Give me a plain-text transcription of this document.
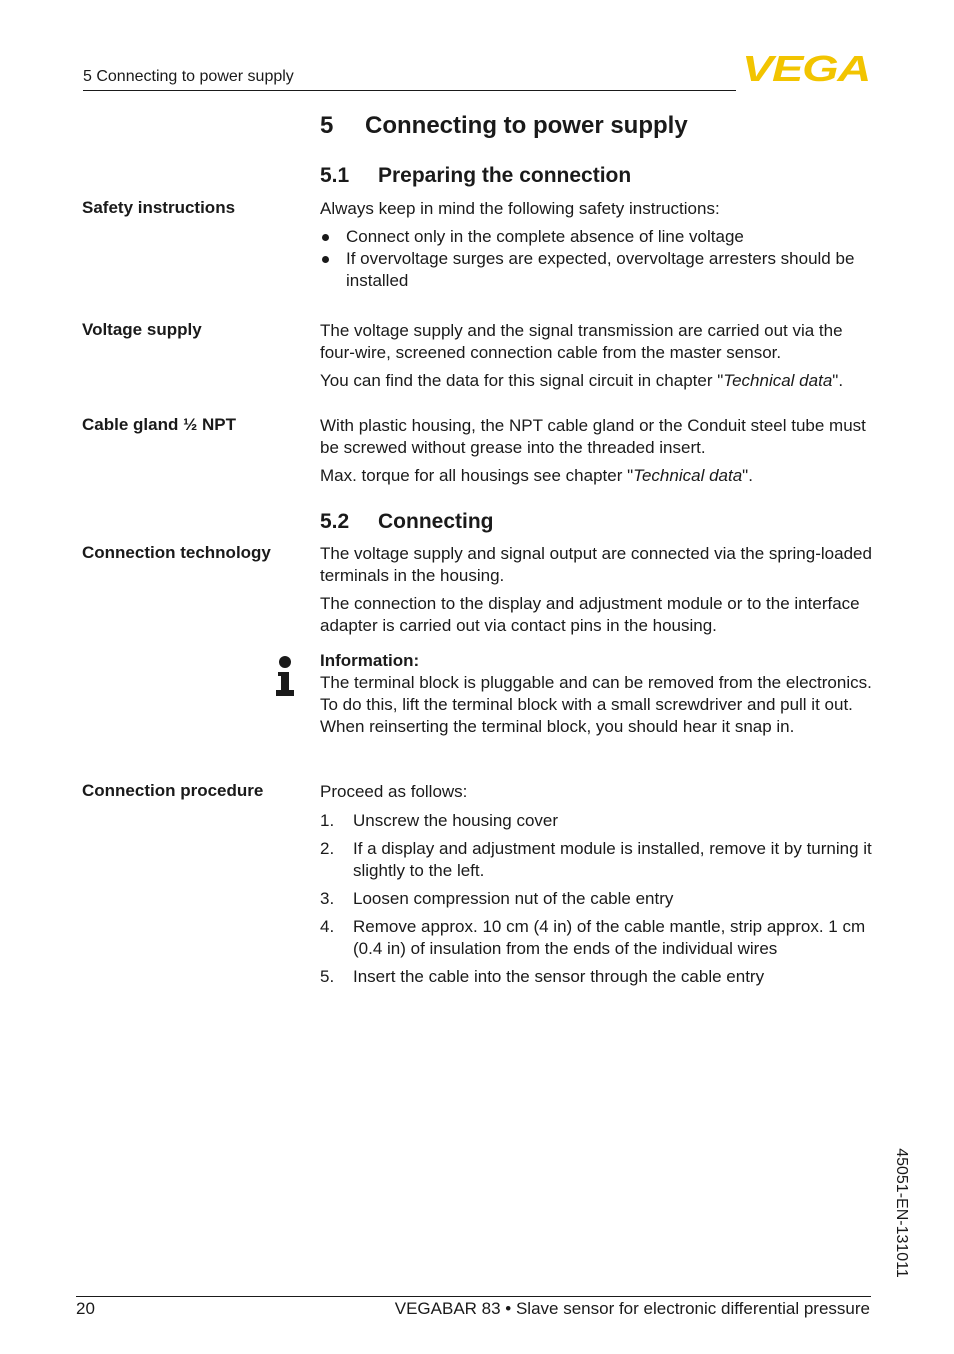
5 Connecting to power supply	VEGA
5 Connecting to power supply
5.1 Preparing the connection
Safety instructions	Always keep in mind the following safety instructions:
Connect only in the complete absence of line voltage
If overvoltage surges are expected, overvoltage arresters should be installed
Voltage supply	The voltage supply and the signal transmission are carried out via the four-wire, screened connection cable from the master sensor.
You can find the data for this signal circuit in chapter "Technical data".
Cable gland ½ NPT	With plastic housing, the NPT cable gland or the Conduit steel tube must be screwed without grease into the threaded insert.
Max. torque for all housings see chapter "Technical data".
5.2 Connecting
Connection technology	The voltage supply and signal output are connected via the spring-loaded terminals in the housing.
The connection to the display and adjustment module or to the interface adapter is carried out via contact pins in the housing.
Information:
The terminal block is pluggable and can be removed from the electronics. To do this, lift the terminal block with a small screwdriver and pull it out. When reinserting the terminal block, you should hear it snap in.
Connection procedure	Proceed as follows:
1. Unscrew the housing cover
2. If a display and adjustment module is installed, remove it by turning it slightly to the left.
3. Loosen compression nut of the cable entry
4. Remove approx. 10 cm (4 in) of the cable mantle, strip approx. 1 cm (0.4 in) of insulation from the ends of the individual wires
5. Insert the cable into the sensor through the cable entry
45051-EN-131011
20	VEGABAR 83 • Slave sensor for electronic differential pressure
